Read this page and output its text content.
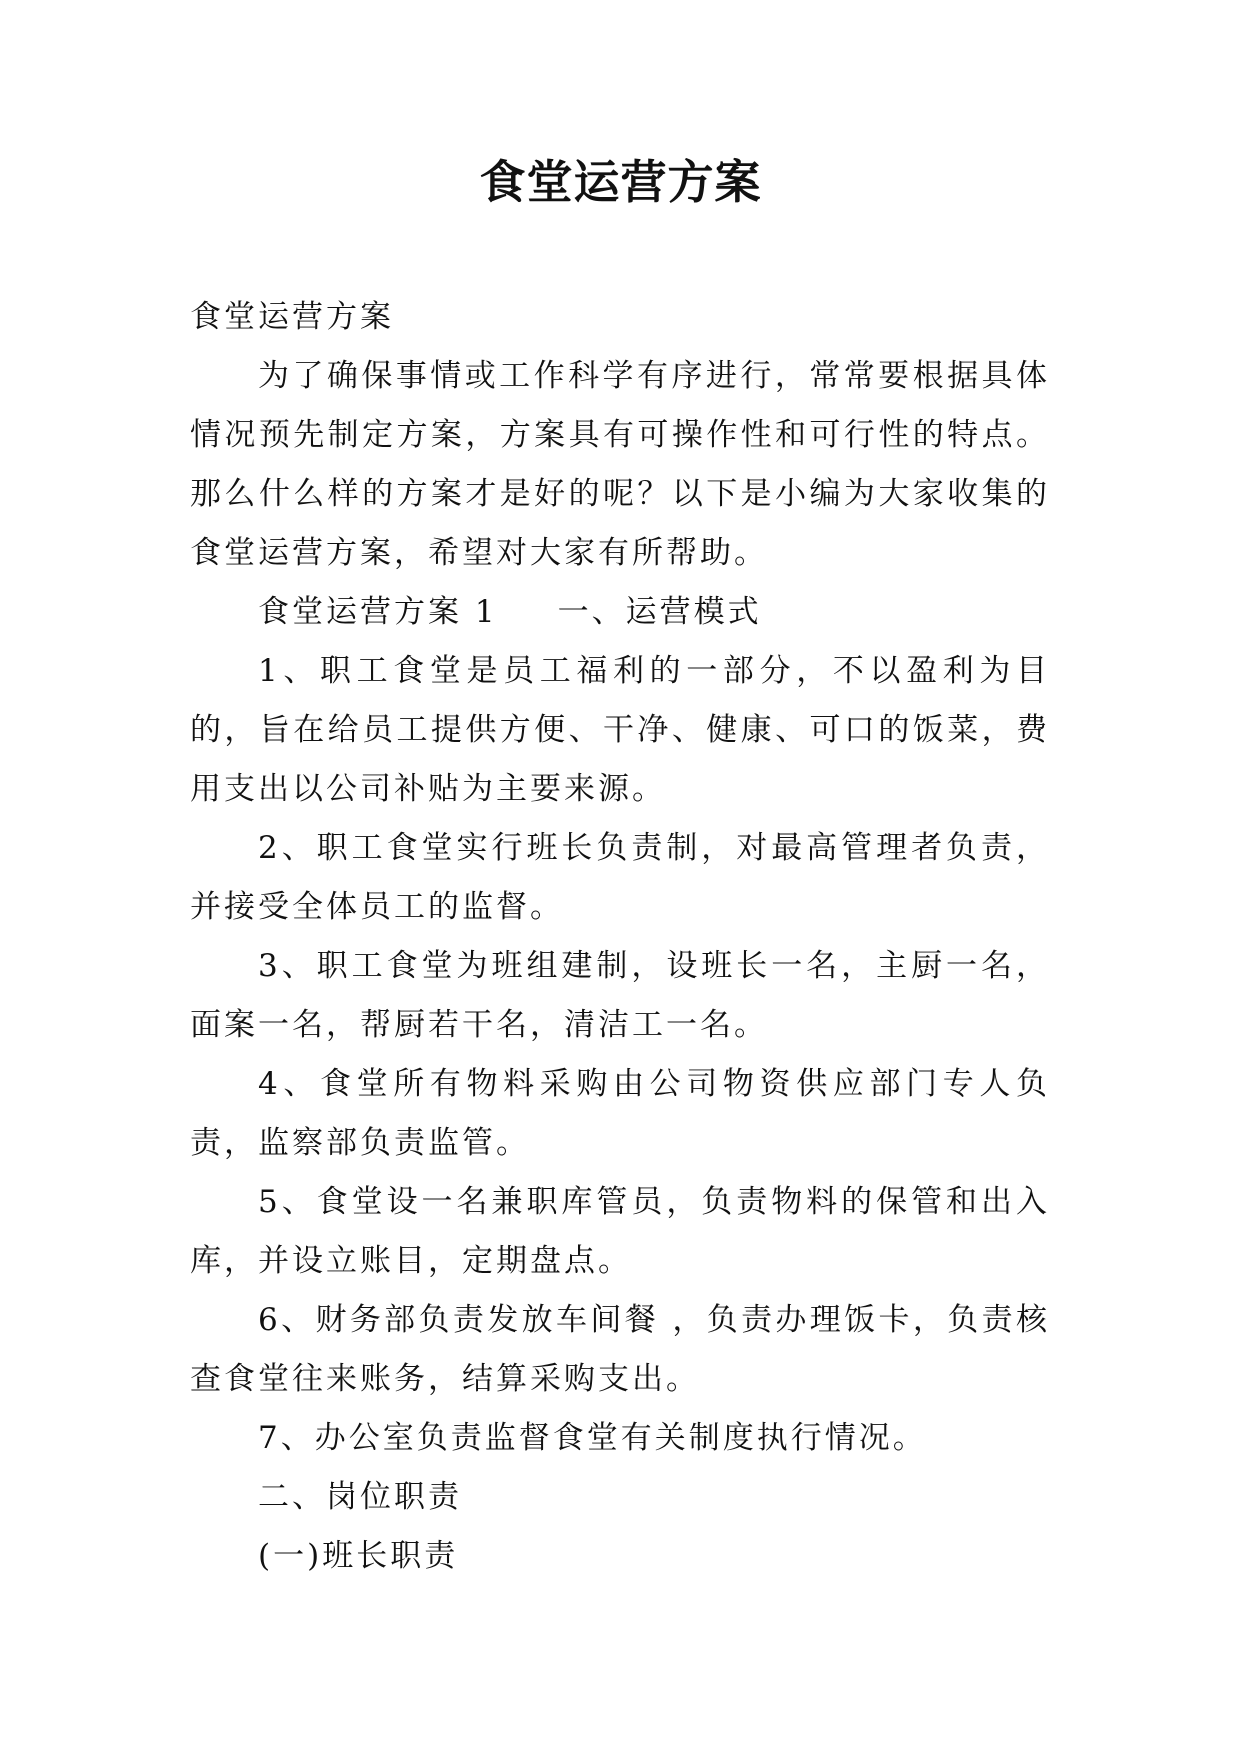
食堂运营方案

食堂运营方案

为了确保事情或工作科学有序进行，常常要根据具体情况预先制定方案，方案具有可操作性和可行性的特点。那么什么样的方案才是好的呢？以下是小编为大家收集的食堂运营方案，希望对大家有所帮助。

食堂运营方案 1 一、运营模式

1、职工食堂是员工福利的一部分，不以盈利为目的，旨在给员工提供方便、干净、健康、可口的饭菜，费用支出以公司补贴为主要来源。

2、职工食堂实行班长负责制，对最高管理者负责，并接受全体员工的监督。

3、职工食堂为班组建制，设班长一名，主厨一名，面案一名，帮厨若干名，清洁工一名。

4、食堂所有物料采购由公司物资供应部门专人负责，监察部负责监管。

5、食堂设一名兼职库管员，负责物料的保管和出入库，并设立账目，定期盘点。

6、财务部负责发放车间餐 ，负责办理饭卡，负责核查食堂往来账务，结算采购支出。

7、办公室负责监督食堂有关制度执行情况。

二、岗位职责

(一)班长职责
